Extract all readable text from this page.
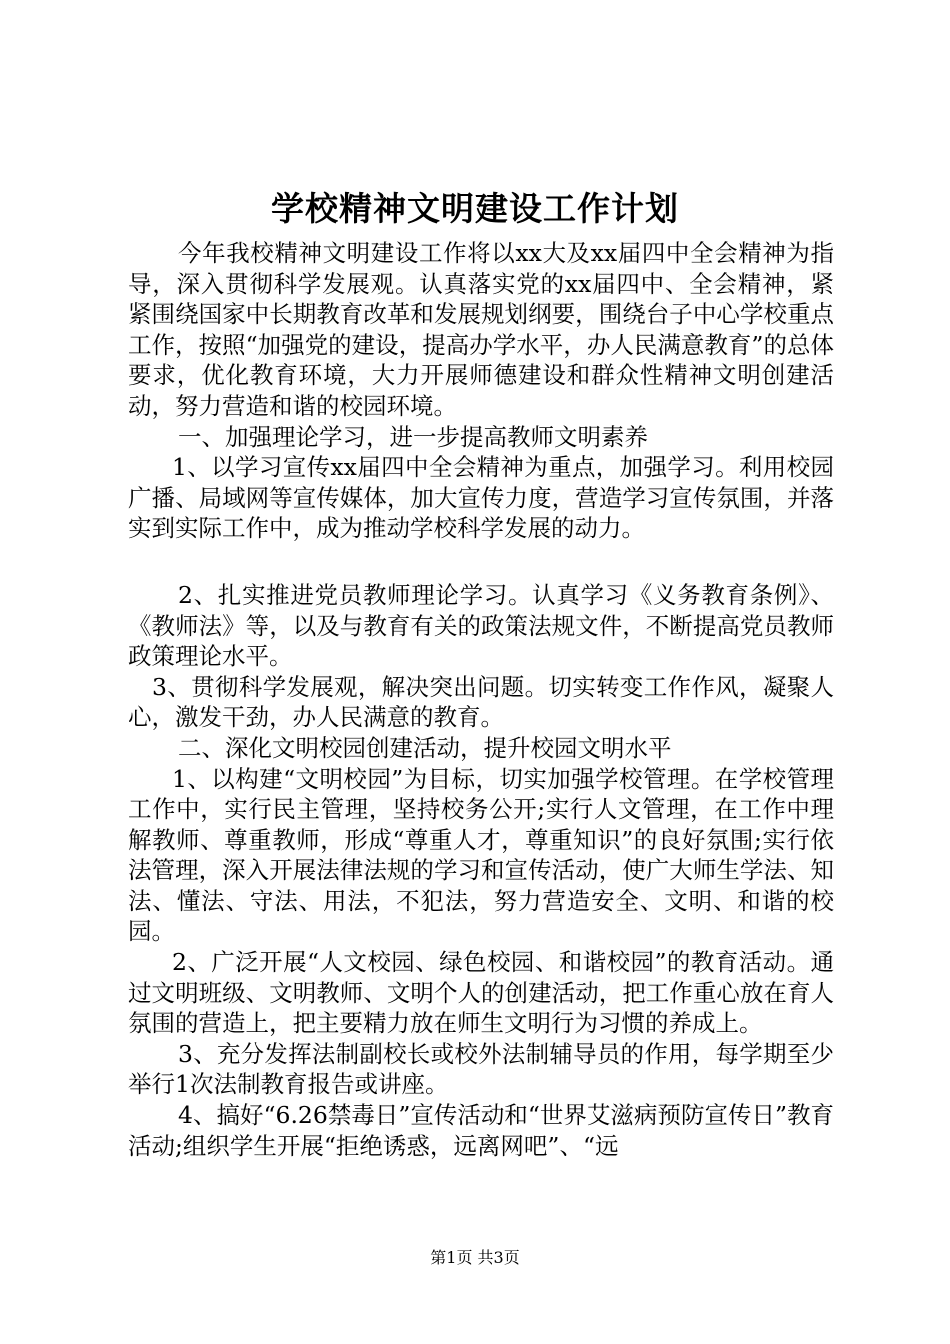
学校精神文明建设工作计划

今年我校精神文明建设工作将以xx大及xx届四中全会精神为指导，深入贯彻科学发展观。认真落实党的xx届四中、全会精神，紧紧围绕国家中长期教育改革和发展规划纲要，围绕台子中心学校重点工作，按照“加强党的建设，提高办学水平，办人民满意教育”的总体要求，优化教育环境，大力开展师德建设和群众性精神文明创建活动，努力营造和谐的校园环境。

一、加强理论学习，进一步提高教师文明素养

1、以学习宣传xx届四中全会精神为重点，加强学习。利用校园广播、局域网等宣传媒体，加大宣传力度，营造学习宣传氛围，并落实到实际工作中，成为推动学校科学发展的动力。

2、扎实推进党员教师理论学习。认真学习《义务教育条例》、《教师法》等，以及与教育有关的政策法规文件，不断提高党员教师政策理论水平。

3、贯彻科学发展观，解决突出问题。切实转变工作作风，凝聚人心，激发干劲，办人民满意的教育。

二、深化文明校园创建活动，提升校园文明水平

1、以构建“文明校园”为目标，切实加强学校管理。在学校管理工作中，实行民主管理，坚持校务公开;实行人文管理，在工作中理解教师、尊重教师，形成“尊重人才，尊重知识”的良好氛围;实行依法管理，深入开展法律法规的学习和宣传活动，使广大师生学法、知法、懂法、守法、用法，不犯法，努力营造安全、文明、和谐的校园。

2、广泛开展“人文校园、绿色校园、和谐校园”的教育活动。通过文明班级、文明教师、文明个人的创建活动，把工作重心放在育人氛围的营造上，把主要精力放在师生文明行为习惯的养成上。

3、充分发挥法制副校长或校外法制辅导员的作用，每学期至少举行1次法制教育报告或讲座。

4、搞好“6.26禁毒日”宣传活动和“世界艾滋病预防宣传日”教育活动;组织学生开展“拒绝诱惑，远离网吧”、“远

第1页 共3页
